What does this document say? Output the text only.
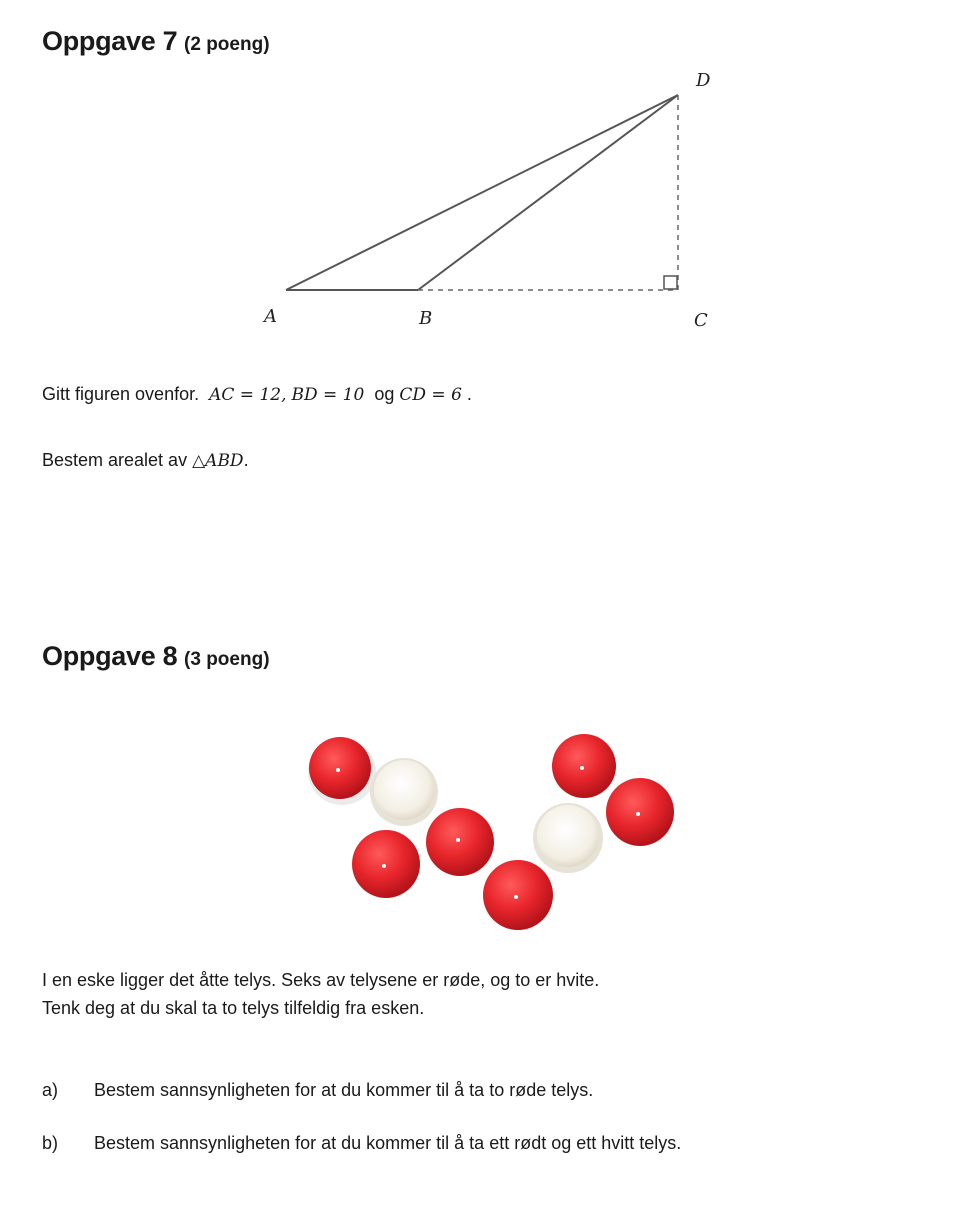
Oppgave 7 (2 poeng)
A	B	C
D

Gitt figuren ovenfor. AC = 12, BD = 10 og CD = 6 .

Bestem arealet av △ABD.

Oppgave 8 (3 poeng)

I en eske ligger det åtte telys. Seks av telysene er røde, og to er hvite.

Tenk deg at du skal ta to telys tilfeldig fra esken.

a) Bestem sannsynligheten for at du kommer til å ta to røde telys.
b) Bestem sannsynligheten for at du kommer til å ta ett rødt og ett hvitt telys.
